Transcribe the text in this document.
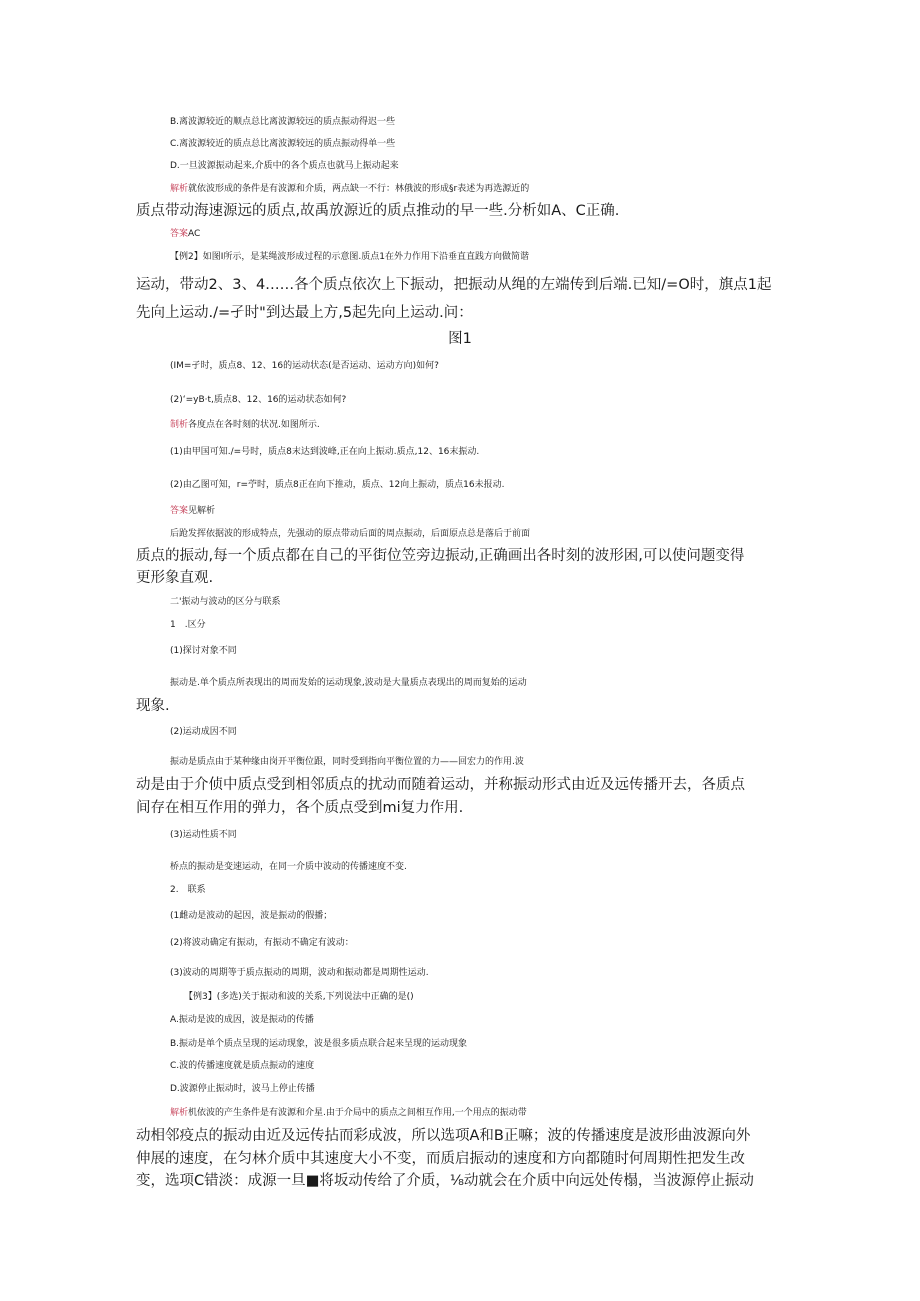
B.离波源较近的顺点总比离波源较远的质点振动得迟一些
C.离波源较近的质点总比离波源较远的质点振动得单一些
D.一旦波源振动起来,介质中的各个质点也就马上振动起来
解析就依波形成的条件是有波源和介质，两点缺一不行：林俄波的形成§r表述为再选源近的
质点带动海速源远的质点,故禹放源近的质点推动的早一些.分析如A、C正确.
答案AC
【例2】如图I所示，是某绳波形成过程的示意图.质点1在外力作用下沿垂直直践方向做简谐
运动，带动2、3、4……各个质点依次上下振动，把振动从绳的左端传到后端.已知/=O时，旗点1起
先向上运动./=孑时"到达最上方,5起先向上运动.问：
图1
(IM=孑时，质点8、12、16的运动状态(是否运动、运动方向)如何?
(2)ʻ=yB·t,质点8、12、16的运动状态如何?
制析各度点在各时刻的状况.如图所示.
(1)由甲国可知./=号时，质点8末达到波峰,正在向上振动.质点,12、16末振动.
(2)由乙图可知，r=苧时，质点8正在向下推动，质点、12向上振动，质点16未报动.
答案见解析
后跄发挥依据波的形成特点，先强动的原点带动后面的周点振动，后面原点总是落后于前面
质点的振动,每一个质点都在自己的平街位笠旁边振动,正确画出各时刻的波形困,可以使问题变得
更形象直观.
二'振动与波动的区分与联系
1　.区分
(1)探讨对象不同
振动是.单个质点所表现出的周而发始的运动现象,波动是大量质点表现出的周而复始的运动
现象.
(2)运动成因不同
振动是质点由于某种缘由岗开平衡位跟，同时受到指向平衡位置的力——回宏力的作用.波
动是由于介侦中质点受到相邻质点的扰动而随着运动，并称振动形式由近及远传播开去，各质点
间存在相互作用的弹力，各个质点受到mi复力作用.
(3)运动性质不同
桥点的振动是变速运动，在同一介质中波动的传播速度不变.
2.　联系
(1雌动是波动的起因，波是振动的假播；
(2)将波动确定有振动，有振动不确定有波动：
(3)波动的周期等于质点振动的周期，波动和振动都是周期性运动.
【例3】(多选)关于振动和波的关系,下列说法中正确的是()
A.振动是波的成因，波是振动的传播
B.振动是单个质点呈现的运动现象，波是很多质点联合起来呈现的运动现象
C.波的传播速度就是质点振动的速度
D.波源停止振动时，波马上停止传播
解析机依波的产生条件是有波源和介星.由于介局中的质点之间相互作用,一个用点的振动带
动相邻疫点的振动由近及远传拈而彩成波，所以选项A和B正嘛；波的传播速度是波形曲波源向外
伸展的速度，在匀林介质中其速度大小不变，而质启振动的速度和方向都随时何周期性把发生改
变，选项C错淡：成源一旦■将坂动传给了介质，⅛动就会在介质中向远处传榻，当波源停止振动
